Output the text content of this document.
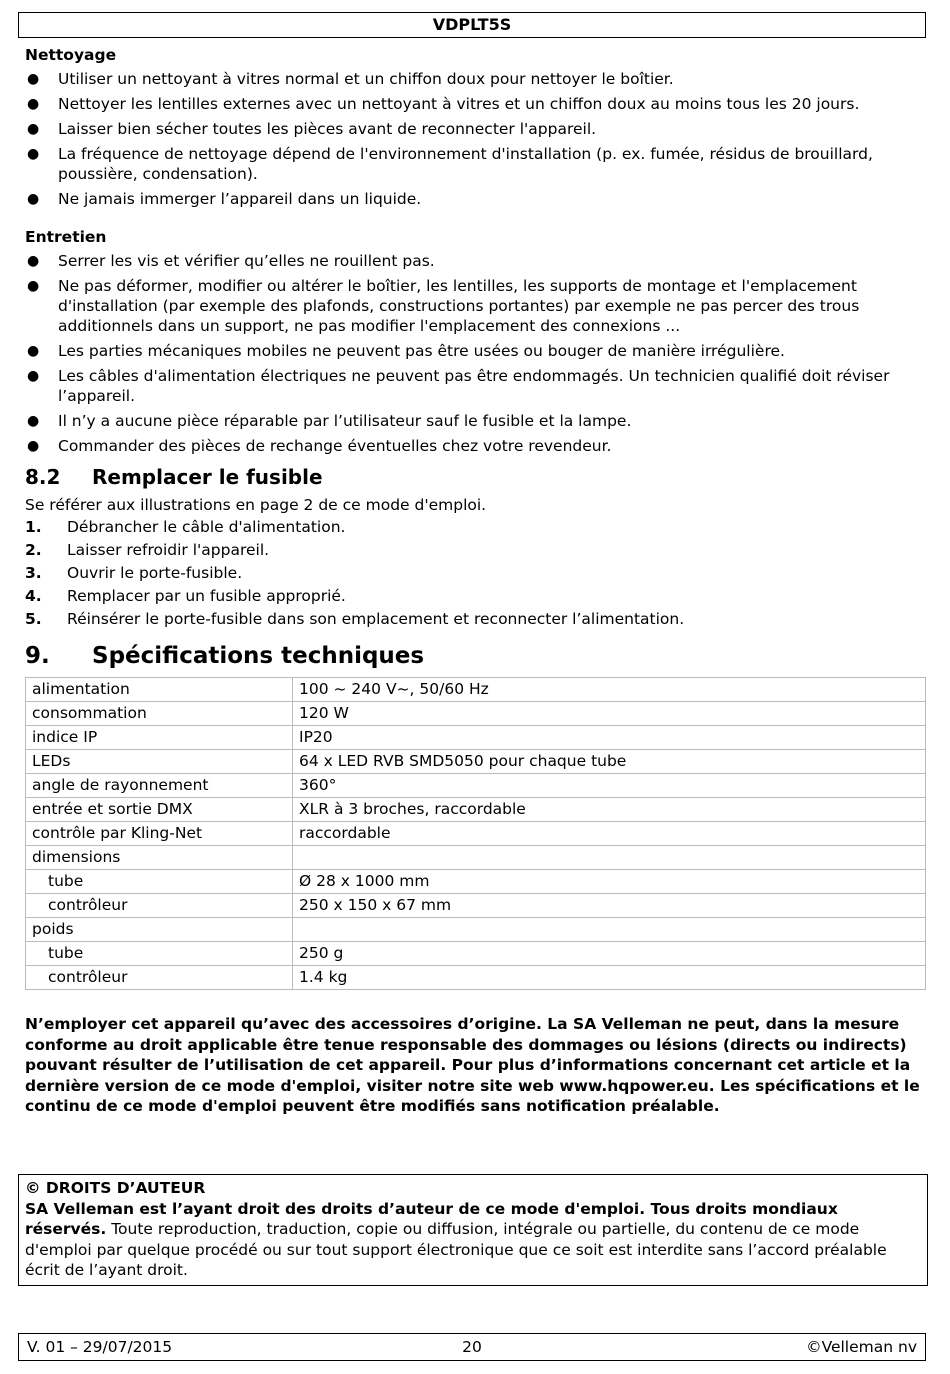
VDPLT5S
Nettoyage
● Utiliser un nettoyant à vitres normal et un chiffon doux pour nettoyer le boîtier.
● Nettoyer les lentilles externes avec un nettoyant à vitres et un chiffon doux au moins tous les 20 jours.
● Laisser bien sécher toutes les pièces avant de reconnecter l'appareil.
● La fréquence de nettoyage dépend de l'environnement d'installation (p. ex. fumée, résidus de brouillard, poussière, condensation).
● Ne jamais immerger l’appareil dans un liquide.
Entretien
● Serrer les vis et vérifier qu’elles ne rouillent pas.
● Ne pas déformer, modifier ou altérer le boîtier, les lentilles, les supports de montage et l'emplacement d'installation (par exemple des plafonds, constructions portantes) par exemple ne pas percer des trous additionnels dans un support, ne pas modifier l'emplacement des connexions ...
● Les parties mécaniques mobiles ne peuvent pas être usées ou bouger de manière irrégulière.
● Les câbles d'alimentation électriques ne peuvent pas être endommagés. Un technicien qualifié doit réviser l’appareil.
● Il n’y a aucune pièce réparable par l’utilisateur sauf le fusible et la lampe.
● Commander des pièces de rechange éventuelles chez votre revendeur.
8.2 Remplacer le fusible
Se référer aux illustrations en page 2 de ce mode d'emploi.
1. Débrancher le câble d'alimentation.
2. Laisser refroidir l'appareil.
3. Ouvrir le porte-fusible.
4. Remplacer par un fusible approprié.
5. Réinsérer le porte-fusible dans son emplacement et reconnecter l’alimentation.
9. Spécifications techniques
alimentation	100 ~ 240 V~, 50/60 Hz
consommation	120 W
indice IP	IP20
LEDs	64 x LED RVB SMD5050 pour chaque tube
angle de rayonnement	360°
entrée et sortie DMX	XLR à 3 broches, raccordable
contrôle par Kling-Net	raccordable
dimensions	
tube	Ø 28 x 1000 mm
contrôleur	250 x 150 x 67 mm
poids	
tube	250 g
contrôleur	1.4 kg
N’employer cet appareil qu’avec des accessoires d’origine. La SA Velleman ne peut, dans la mesure conforme au droit applicable être tenue responsable des dommages ou lésions (directs ou indirects) pouvant résulter de l’utilisation de cet appareil. Pour plus d’informations concernant cet article et la dernière version de ce mode d'emploi, visiter notre site web www.hqpower.eu. Les spécifications et le continu de ce mode d'emploi peuvent être modifiés sans notification préalable.
© DROITS D’AUTEUR
SA Velleman est l’ayant droit des droits d’auteur de ce mode d'emploi. Tous droits mondiaux réservés. Toute reproduction, traduction, copie ou diffusion, intégrale ou partielle, du contenu de ce mode d'emploi par quelque procédé ou sur tout support électronique que ce soit est interdite sans l’accord préalable écrit de l’ayant droit.
20
V. 01 – 29/07/2015	©Velleman nv
